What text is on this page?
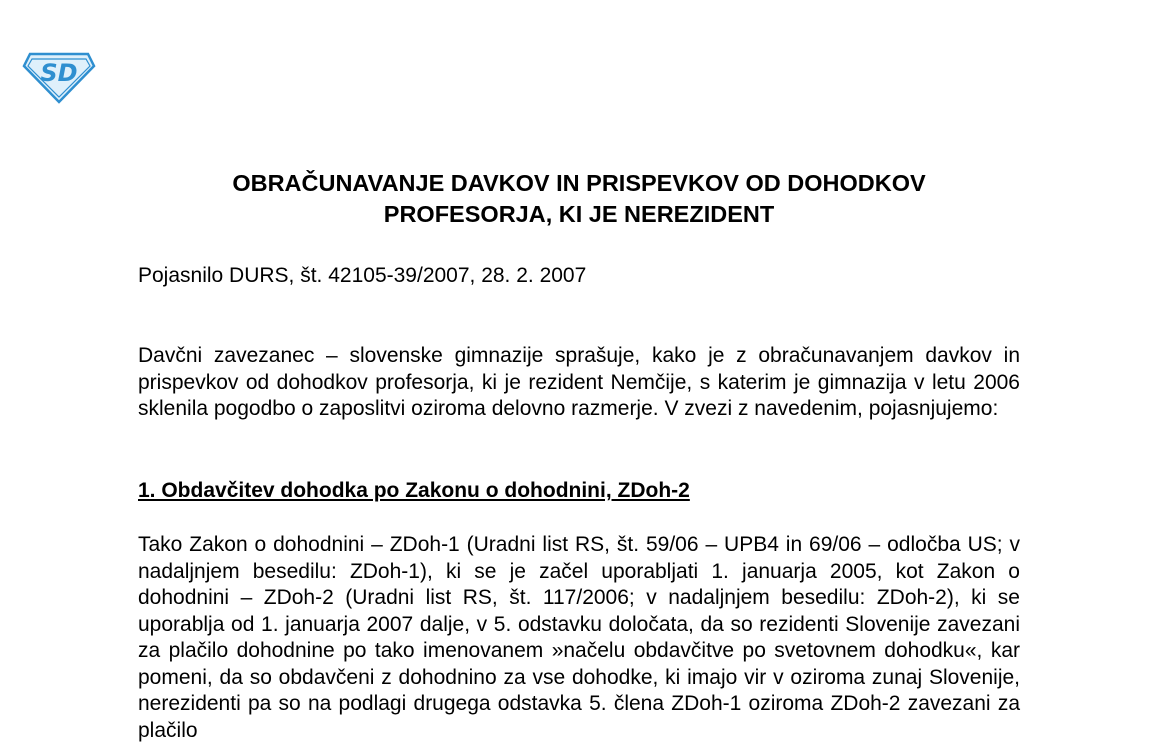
SD
OBRAČUNAVANJE DAVKOV IN PRISPEVKOV OD DOHODKOV
PROFESORJA, KI JE NEREZIDENT

Pojasnilo DURS, št. 42105-39/2007, 28. 2. 2007

Davčni zavezanec – slovenske gimnazije sprašuje, kako je z obračunavanjem davkov in prispevkov od dohodkov profesorja, ki je rezident Nemčije, s katerim je gimnazija v letu 2006 sklenila pogodbo o zaposlitvi oziroma delovno razmerje. V zvezi z navedenim, pojasnjujemo:

1. Obdavčitev dohodka po Zakonu o dohodnini, ZDoh-2

Tako Zakon o dohodnini – ZDoh-1 (Uradni list RS, št. 59/06 – UPB4 in 69/06 – odločba US; v nadaljnjem besedilu: ZDoh-1), ki se je začel uporabljati 1. januarja 2005, kot Zakon o dohodnini – ZDoh-2 (Uradni list RS, št. 117/2006; v nadaljnjem besedilu: ZDoh-2), ki se uporablja od 1. januarja 2007 dalje, v 5. odstavku določata, da so rezidenti Slovenije zavezani za plačilo dohodnine po tako imenovanem »načelu obdavčitve po svetovnem dohodku«, kar pomeni, da so obdavčeni z dohodnino za vse dohodke, ki imajo vir v oziroma zunaj Slovenije, nerezidenti pa so na podlagi drugega odstavka 5. člena ZDoh-1 oziroma ZDoh-2 zavezani za plačilo
